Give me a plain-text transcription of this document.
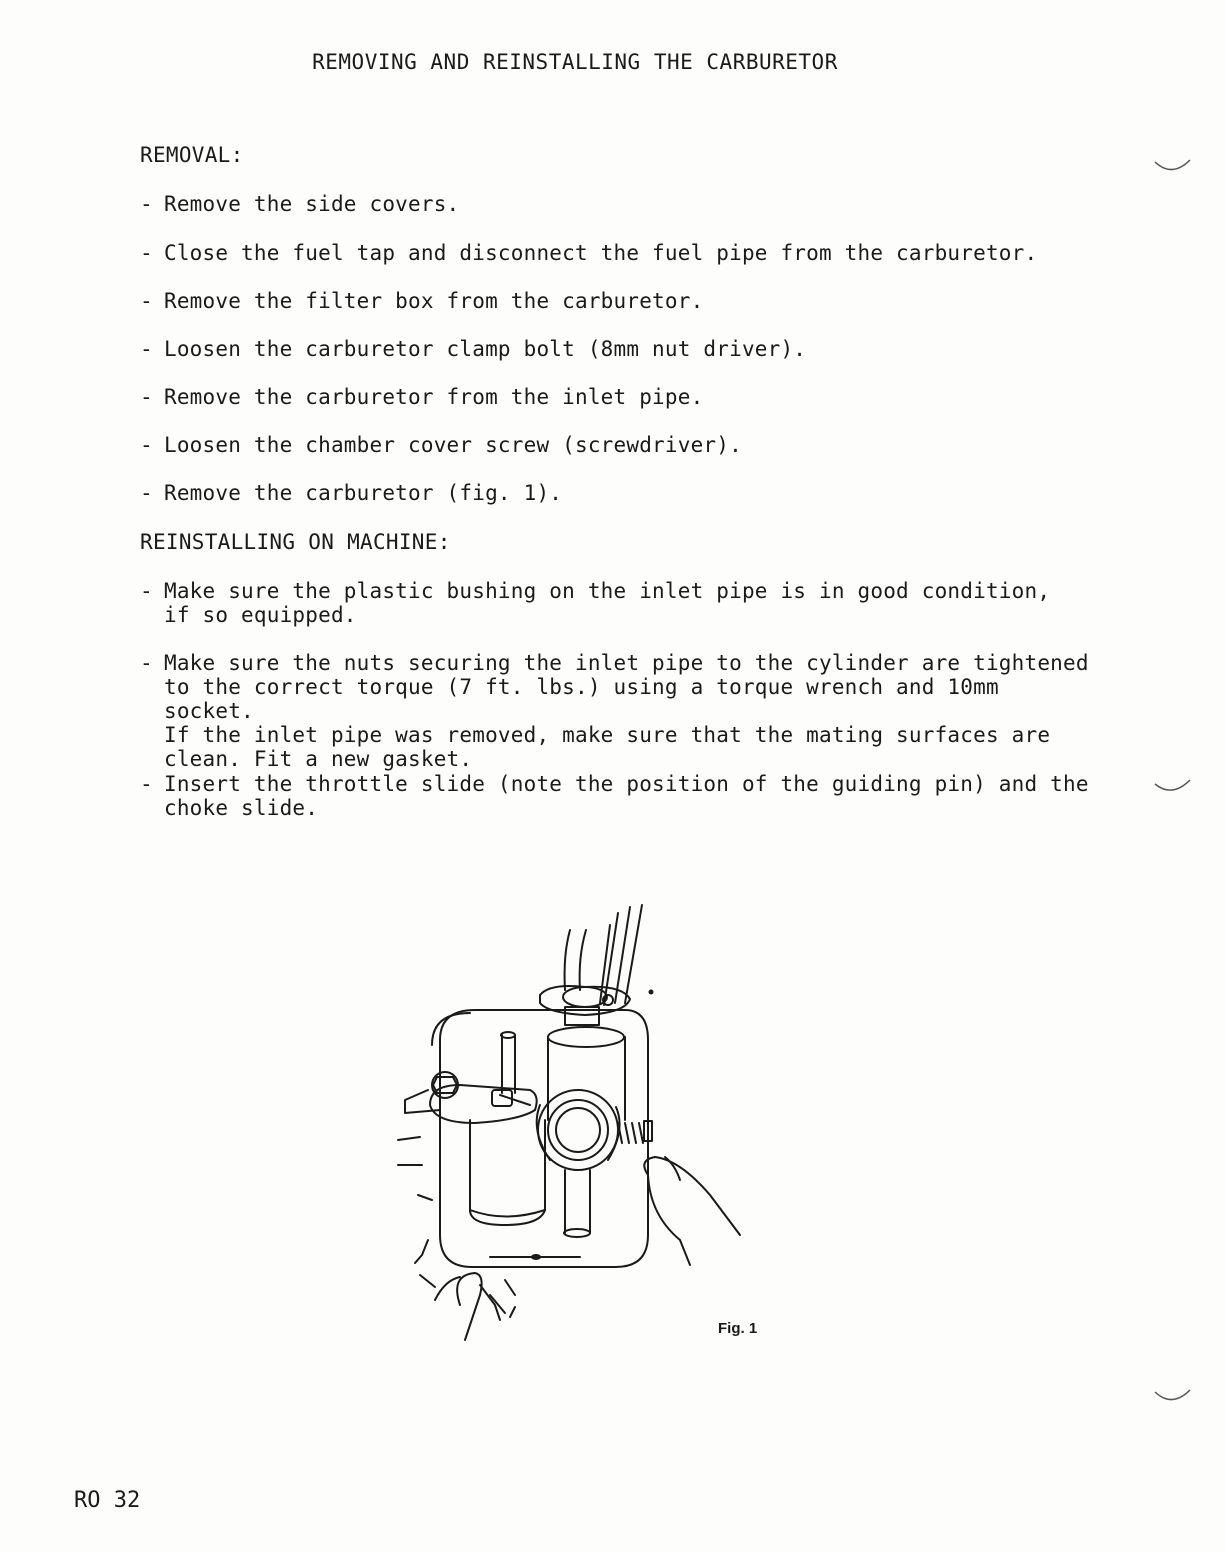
REMOVING AND REINSTALLING THE CARBURETOR
REMOVAL:
- Remove the side covers.
- Close the fuel tap and disconnect the fuel pipe from the carburetor.
- Remove the filter box from the carburetor.
- Loosen the carburetor clamp bolt (8mm nut driver).
- Remove the carburetor from the inlet pipe.
- Loosen the chamber cover screw (screwdriver).
- Remove the carburetor (fig. 1).
REINSTALLING ON MACHINE:
- Make sure the plastic bushing on the inlet pipe is in good condition,
if so equipped.
- Make sure the nuts securing the inlet pipe to the cylinder are tightened
to the correct torque (7 ft. lbs.) using a torque wrench and 10mm socket.
If the inlet pipe was removed, make sure that the mating surfaces are
clean. Fit a new gasket.
- Insert the throttle slide (note the position of the guiding pin) and the
choke slide.
Fig. 1
RO 32
